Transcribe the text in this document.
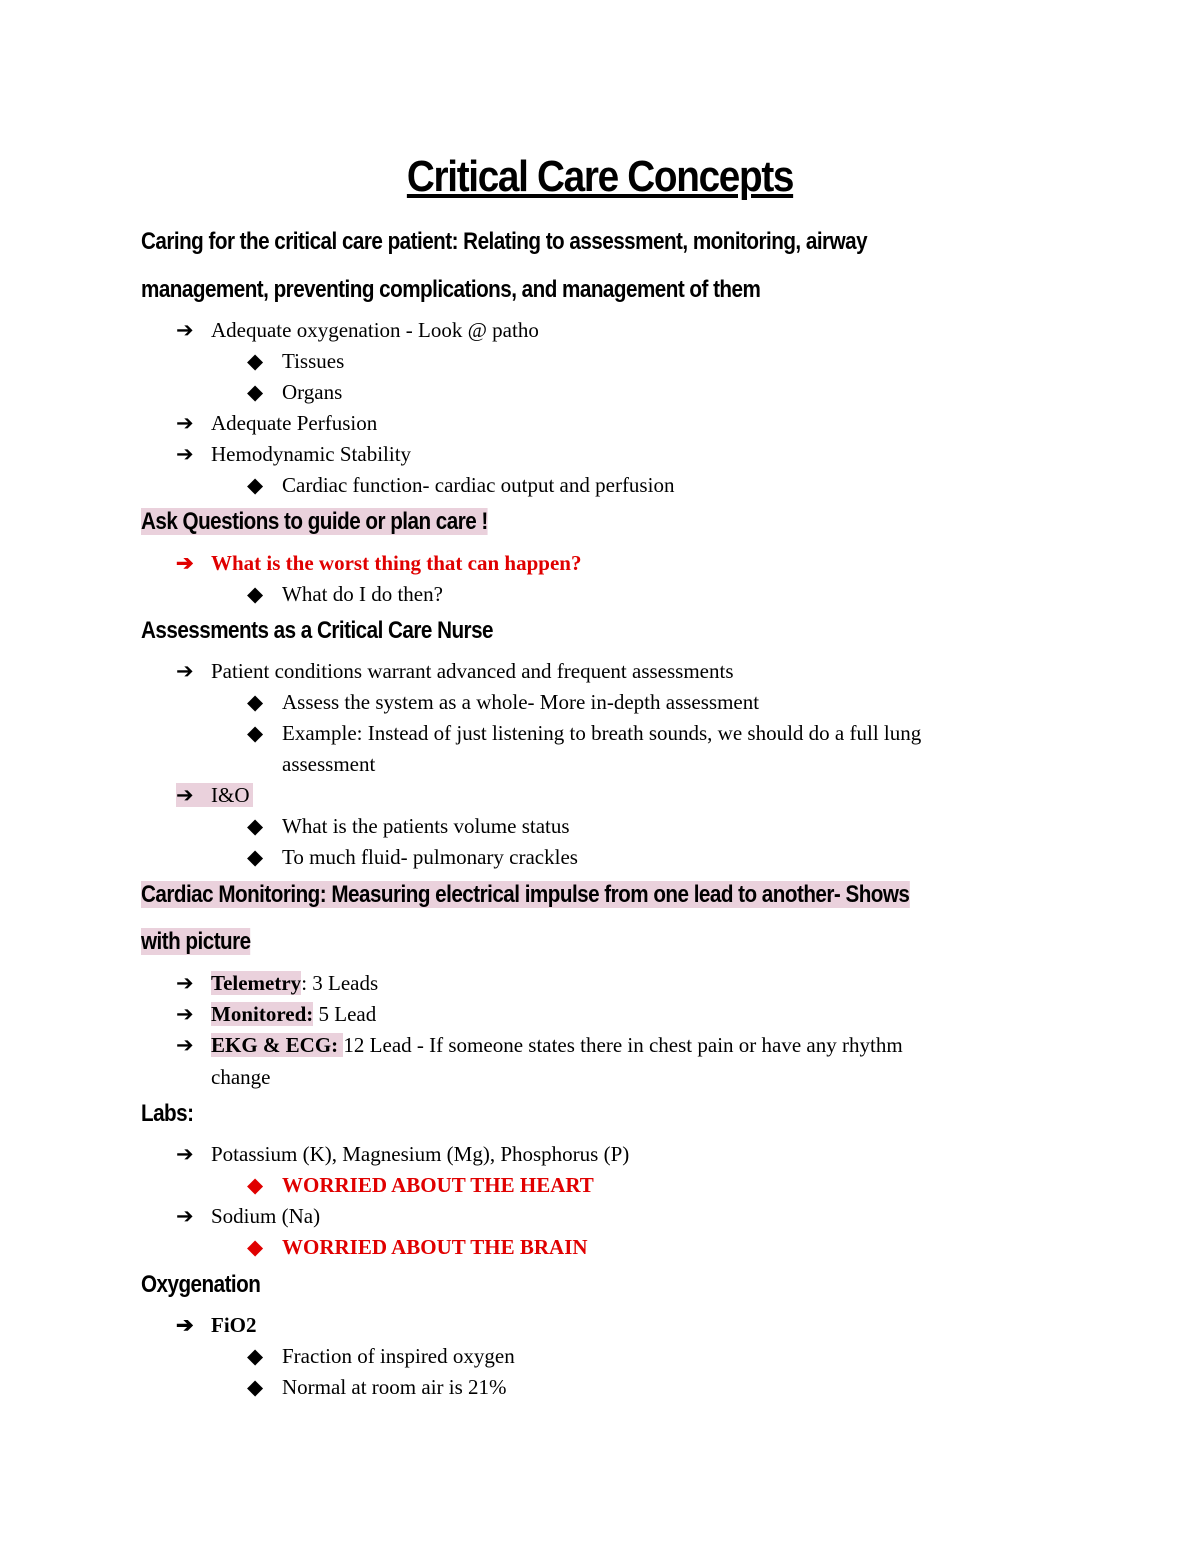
Critical Care Concepts
Caring for the critical care patient: Relating to assessment, monitoring, airway
management, preventing complications, and management of them
➔ Adequate oxygenation - Look @ patho
◆ Tissues
◆ Organs
➔ Adequate Perfusion
➔ Hemodynamic Stability
◆ Cardiac function- cardiac output and perfusion
Ask Questions to guide or plan care !
➔ What is the worst thing that can happen?
◆ What do I do then?
Assessments as a Critical Care Nurse
➔ Patient conditions warrant advanced and frequent assessments
◆ Assess the system as a whole- More in-depth assessment
◆ Example: Instead of just listening to breath sounds, we should do a full lung
assessment
➔ I&O
◆ What is the patients volume status
◆ To much fluid- pulmonary crackles
Cardiac Monitoring: Measuring electrical impulse from one lead to another- Shows
with picture
➔ Telemetry: 3 Leads
➔ Monitored: 5 Lead
➔ EKG & ECG: 12 Lead - If someone states there in chest pain or have any rhythm
change
Labs:
➔ Potassium (K), Magnesium (Mg), Phosphorus (P)
◆ WORRIED ABOUT THE HEART
➔ Sodium (Na)
◆ WORRIED ABOUT THE BRAIN
Oxygenation
➔ FiO2
◆ Fraction of inspired oxygen
◆ Normal at room air is 21%
